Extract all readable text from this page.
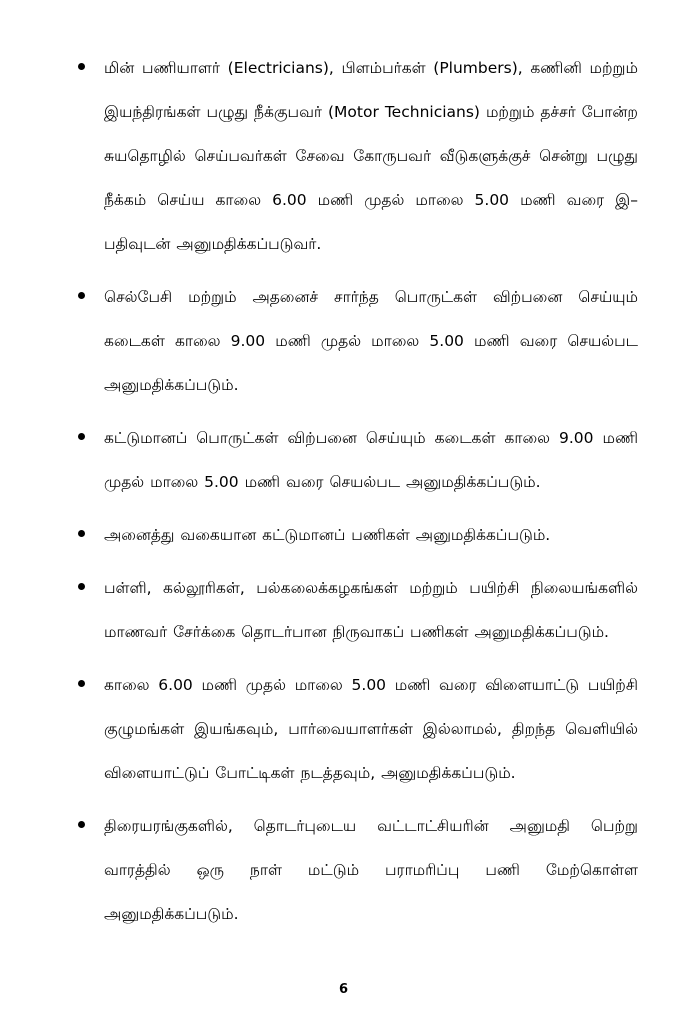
மின் பணியாளர் (Electricians), பிளம்பர்கள் (Plumbers), கணினி மற்றும் இயந்திரங்கள் பழுது நீக்குபவர் (Motor Technicians) மற்றும் தச்சர் போன்ற சுயதொழில் செய்பவர்கள் சேவை கோருபவர் வீடுகளுக்குச் சென்று பழுது நீக்கம் செய்ய காலை 6.00 மணி முதல் மாலை 5.00 மணி வரை இ–பதிவுடன் அனுமதிக்கப்படுவர்.
செல்பேசி மற்றும் அதனைச் சார்ந்த பொருட்கள் விற்பனை செய்யும் கடைகள் காலை 9.00 மணி முதல் மாலை 5.00 மணி வரை செயல்பட அனுமதிக்கப்படும்.
கட்டுமானப் பொருட்கள் விற்பனை செய்யும் கடைகள் காலை 9.00 மணி முதல் மாலை 5.00 மணி வரை செயல்பட அனுமதிக்கப்படும்.
அனைத்து வகையான கட்டுமானப் பணிகள் அனுமதிக்கப்படும்.
பள்ளி, கல்லூரிகள், பல்கலைக்கழகங்கள் மற்றும் பயிற்சி நிலையங்களில் மாணவர் சேர்க்கை தொடர்பான நிருவாகப் பணிகள் அனுமதிக்கப்படும்.
காலை 6.00 மணி முதல் மாலை 5.00 மணி வரை விளையாட்டு பயிற்சி குழுமங்கள் இயங்கவும், பார்வையாளர்கள் இல்லாமல், திறந்த வெளியில் விளையாட்டுப் போட்டிகள் நடத்தவும், அனுமதிக்கப்படும்.
திரையரங்குகளில், தொடர்புடைய வட்டாட்சியரின் அனுமதி பெற்று வாரத்தில் ஒரு நாள் மட்டும் பராமரிப்பு பணி மேற்கொள்ள அனுமதிக்கப்படும்.
6
